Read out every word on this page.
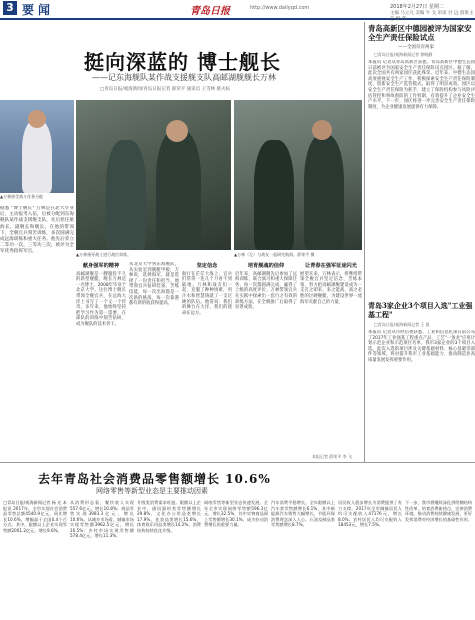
3 要闻	青岛日报	http://www.dailyqd.com	2018年2月27日 星期二
主编 马立凡 美编 牛 戈 审读 付 远 值班主任 顾 伟
挺向深蓝的 博士舰长
——记东海舰队某作战支援舰支队高邮湖舰舰长万林
□青岛日报/观海新闻/青岛日报记者 薛荣平 通讯员 王雪林 蔡夫标
▲万林接受战斗任务分配
▲万林指导战士进行战位训练。	▲万林（左）与战友一起研究航海。薛荣平 摄
据悉 "博士舰长" 万林是在北大毕业后，主动报考入伍，后被分配到东海舰队某作战支援舰支队，先后担任航海长、副舰长和舰长。在他的带领下，全舰官兵刻苦训练，多次圆满完成远海训练和重大任务。他先后荣立二等功一次、三等功三次，被评为全军优秀指挥军官。
献身强军的精神
高邮湖舰是一艘服役不久的新型舰艇，舰长万林是一名博士，2008年毕业于北京大学。这位博士舰长带领全舰官兵，在远海大洋上书写了一个又一个传奇。多年来，他始终坚持把学习作为第一需要，在部队的训练中刻苦钻研，成为舰队的技术骨干。
从北京大学到东海舰队，从实验室到舰艇甲板，万林说，选择海军，就是选择了一份责任和担当。他带领官兵钻研装备、苦练技能，每一次出海都是一次新的挑战，每一次靠港都有新的收获和提高。
坚定信念
航行在茫茫大海上，官兵们常常一连几个月看不到陆地。万林和战友们一起，克服了种种困难，用汗水和智慧铸就了一支过硬的队伍。他常说：我们的舞台在大洋，我们的使命在远方。
培育舰魂的信仰
近年来，高邮湖舰先后参加了远海训练、联合演习和重大保障任务，每一次都圆满完成，赢得了上级的高度评价。万林带领官兵在实践中探索出一套行之有效的训练方法，在全舰推广后取得了显著成效。
让青春在强军征途闪光
展望未来，万林表示，将继续带领全舰官兵坚定信念、苦练本领，努力把高邮湖舰建设成为一支召之即来、来之能战、战之必胜的过硬舰艇，为建设世界一流海军贡献自己的力量。
本报记者 薛荣平 李 飞
青岛高新区中德园被评为国家安全生产责任保险试点
——全国仅有两家
□青岛日报/观海新闻记者 徐晓静
本报讯 记者从青岛高新区获悉，青岛高新区中德生态园日前被评为国家安全生产责任保险试点园区。据了解，此次全国共有两家园区获此殊荣。近年来，中德生态园高度重视安全生产工作，积极探索安全生产责任保险制度，创新安全生产监管模式，取得了明显成效。园区以安全生产责任保险为抓手，建立了保险机构参与风险评估管控和事故预防的工作机制，有效提升了企业安全生产水平。下一步，园区将进一步完善安全生产责任保险制度，为企业健康发展提供有力保障。
青岛3家企业3个项目入选"工业强基工程"
□青岛日报/观海新闻记者 王 凯
本报讯 记者从市经信委获悉，工业和信息化部日前公布了2017年工业强基工程重点产品、工艺"一条龙"应用计划示范企业和示范项目名单，我市3家企业的3个项目入选。此次入选的项目涉及关键基础材料、核心基础零部件等领域，将对提升我市工业基础能力、推动制造业高质量发展发挥重要作用。
去年青岛社会消费品零售额增长 10.6%
网络零售等新型业态是主要推动因素
□青岛日报/观海新闻记者 杨 光 本报讯 2017年，全市实现社会消费品零售总额4540.9亿元，同比增长10.6%，增幅高于全国0.4个百分点。其中，限额以上企业实现零售额2001.2亿元，增长9.6%。
从消费形态看，餐饮收入实现557.6亿元，增长10.8%；商品零售实现3983.3亿元，增长10.6%。从城乡市场看，城镇市场实现零售额3962.5亿元，增长10.5%；乡村市场实现零售额578.4亿元，增长11.3%。
升级类消费需求旺盛。限额以上企业中，通讯器材类零售额增长29.8%，文化办公用品类增长17.9%，化妆品类增长15.6%，体育娱乐用品类增长14.2%，消费结构持续优化升级。
网络零售等新型业态快速发展。全年全市实现网络零售额596.3亿元，增长32.5%，其中实物商品网上零售额增长30.1%，成为拉动消费增长的重要力量。
汽车消费平稳增长。全年限额以上汽车类零售额增长6.1%，其中新能源汽车销售大幅增长，节能环保消费理念深入人心。石油及制品类零售额增长8.7%。
居民收入稳步增长为消费提供了有力支撑。2017年全市城镇居民人均可支配收入47176元，增长8.0%；农村居民人均可支配收入18453元，增长7.5%。
下一步，我市将继续深化供给侧结构性改革，培育消费新热点，完善消费环境，推动消费持续健康发展，更好发挥消费对经济增长的基础性作用。
